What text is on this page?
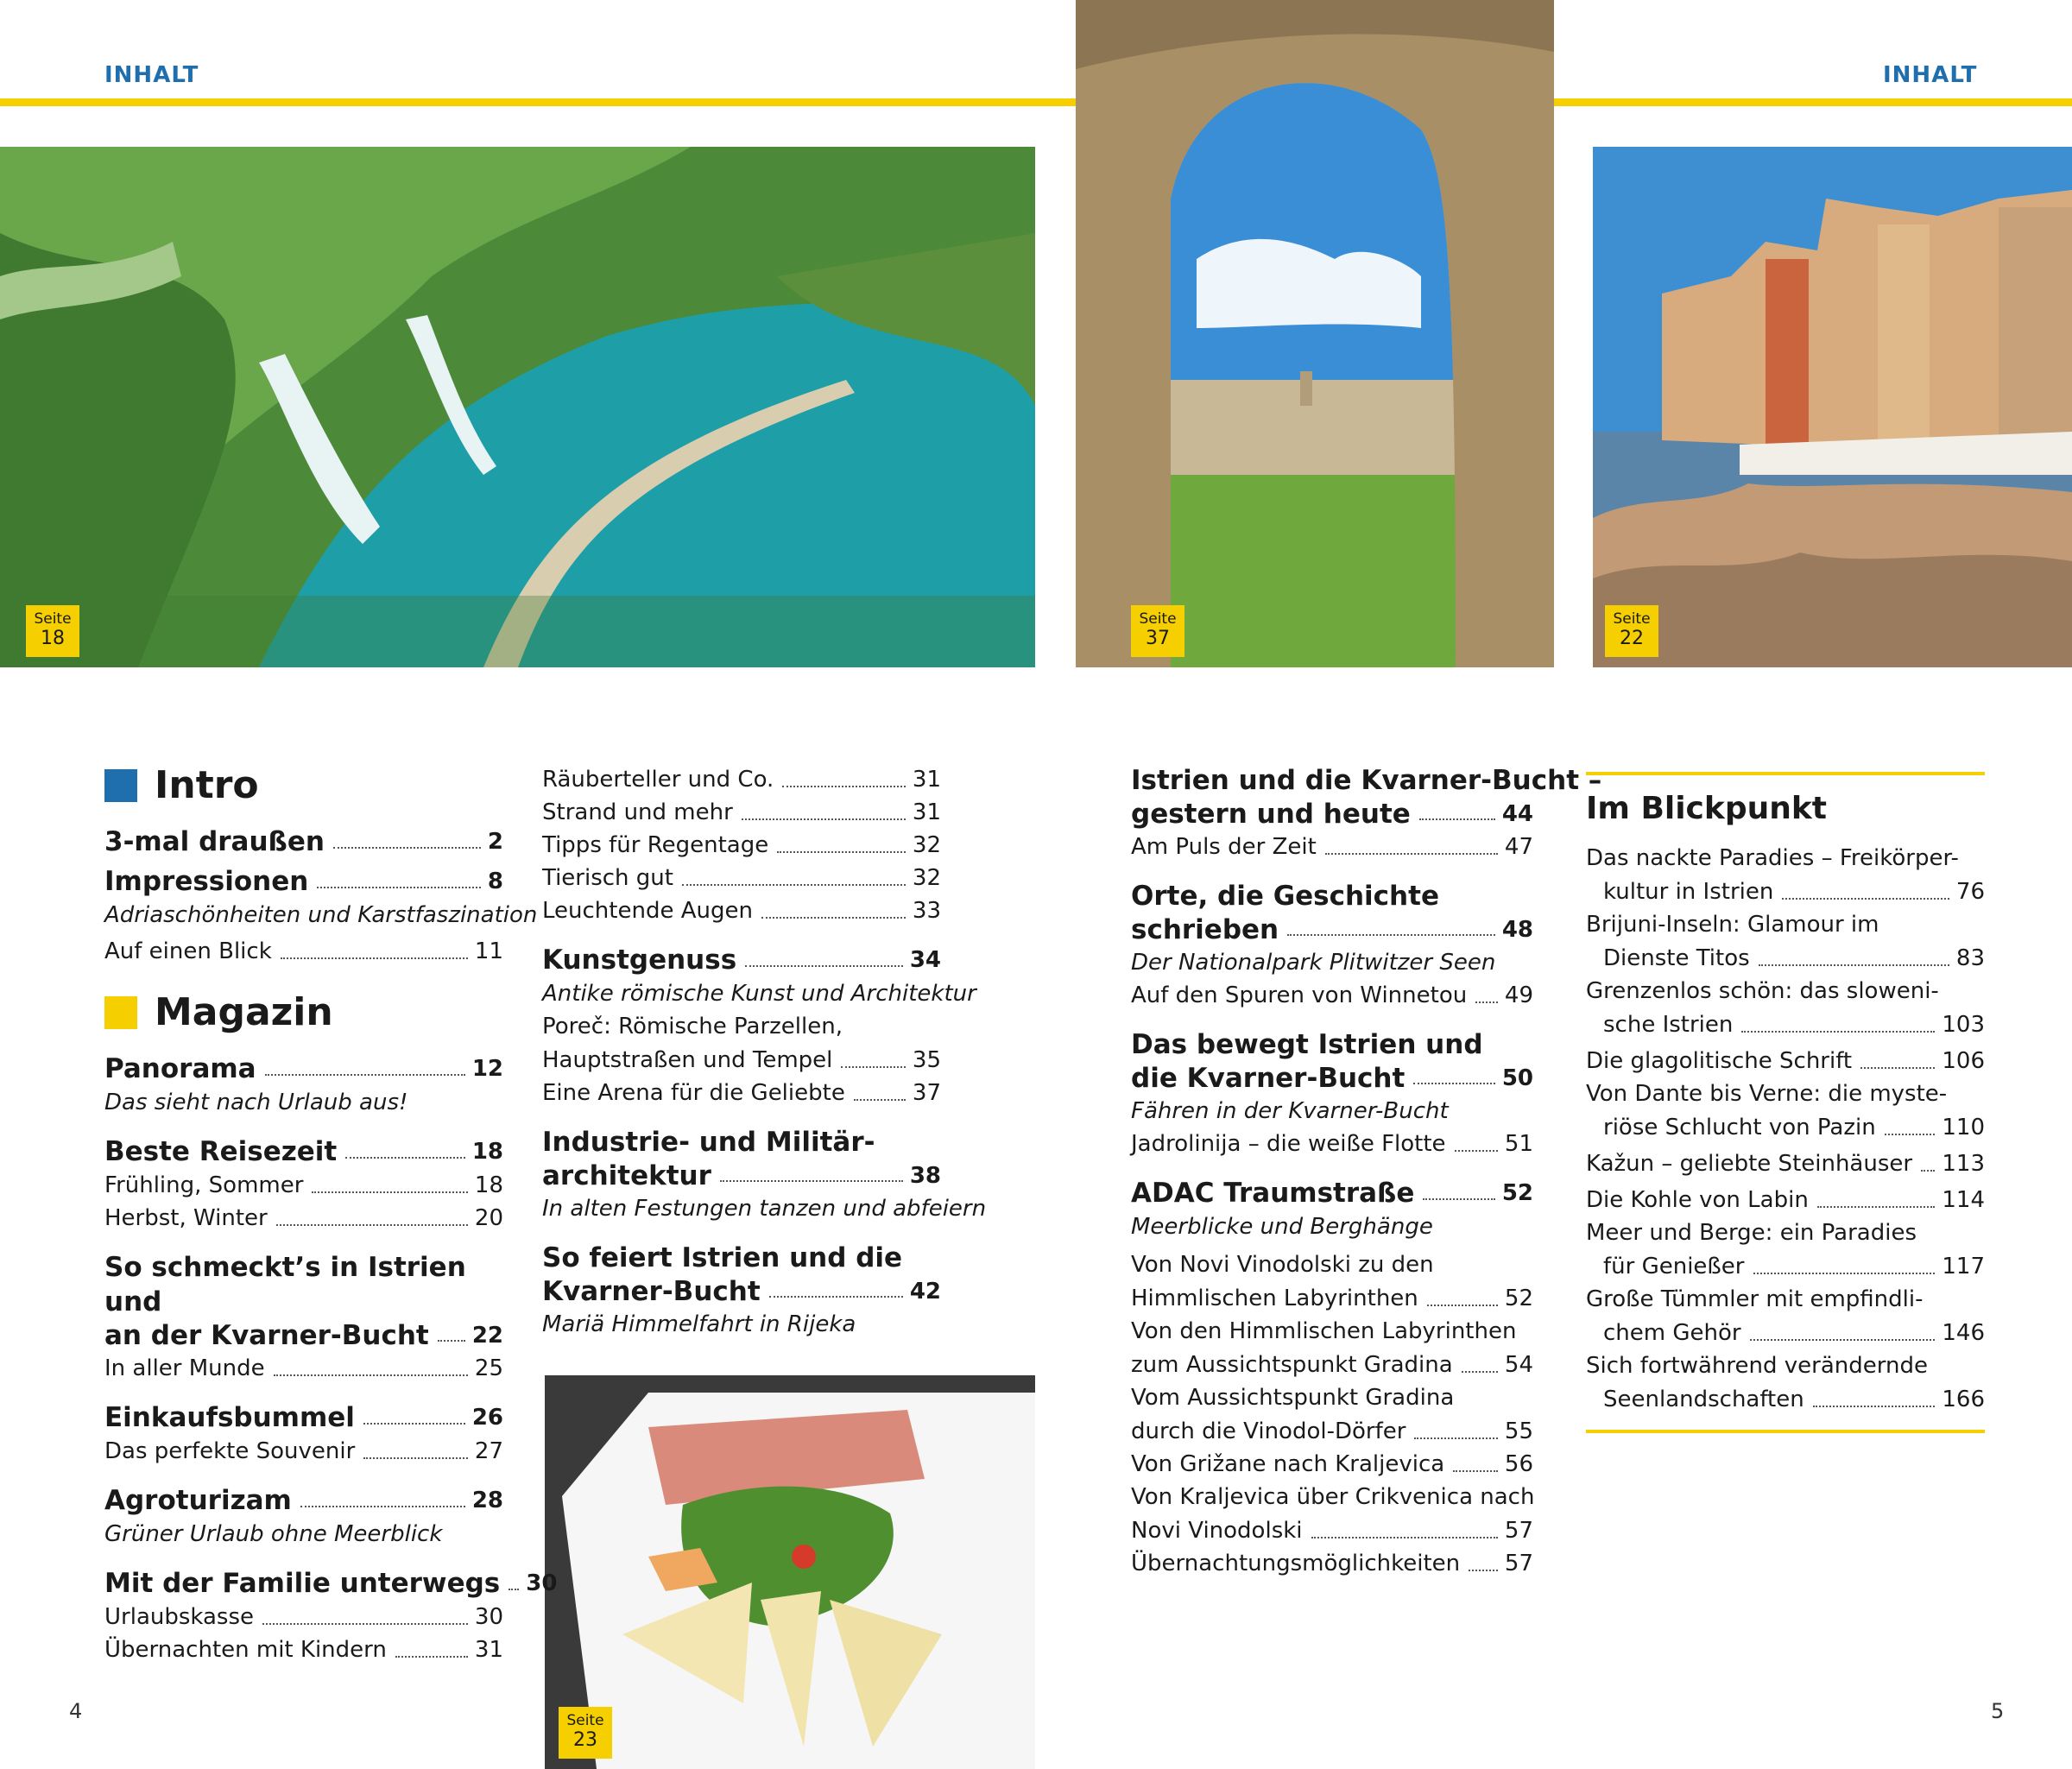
INHALT	INHALT
Seite
18
Seite
37
Seite
22
Seite
23
Intro
3-mal draußen	2
Impressionen	8
Adriaschönheiten und Karstfaszination
Auf einen Blick	11
Magazin
Panorama	12
Das sieht nach Urlaub aus!
Beste Reisezeit	18
Frühling, Sommer	18
Herbst, Winter	20
So schmeckt’s in Istrien und
an der Kvarner-Bucht 22
In aller Munde	25
Einkaufsbummel	26
Das perfekte Souvenir	27
Agroturizam	28
Grüner Urlaub ohne Meerblick
Mit der Familie unterwegs 30
Urlaubskasse	30
Übernachten mit Kindern	31
Räuberteller und Co.	31
Strand und mehr	31
Tipps für Regentage	32
Tierisch gut	32
Leuchtende Augen	33
Kunstgenuss	34
Antike römische Kunst und Architektur
Poreč: Römische Parzellen,
Hauptstraßen und Tempel	35
Eine Arena für die Geliebte	37
Industrie- und Militär-
architektur	38
In alten Festungen tanzen und abfeiern
So feiert Istrien und die
Kvarner-Bucht	42
Mariä Himmelfahrt in Rijeka
Istrien und die Kvarner-Bucht –
gestern und heute	44
Am Puls der Zeit	47
Orte, die Geschichte
schrieben	48
Der Nationalpark Plitwitzer Seen
Auf den Spuren von Winnetou 49
Das bewegt Istrien und
die Kvarner-Bucht	50
Fähren in der Kvarner-Bucht
Jadrolinija – die weiße Flotte	51
ADAC Traumstraße	52
Meerblicke und Berghänge
Von Novi Vinodolski zu den
Himmlischen Labyrinthen	52
Von den Himmlischen Labyrinthen
zum Aussichtspunkt Gradina 54
Vom Aussichtspunkt Gradina
durch die Vinodol-Dörfer	55
Von Grižane nach Kraljevica	56
Von Kraljevica über Crikvenica nach
Novi Vinodolski	57
Übernachtungsmöglichkeiten 57
Im Blickpunkt
Das nackte Paradies – Freikörper-
kultur in Istrien	76
Brijuni-Inseln: Glamour im
Dienste Titos	83
Grenzenlos schön: das sloweni-
sche Istrien	103
Die glagolitische Schrift	106
Von Dante bis Verne: die myste-
riöse Schlucht von Pazin	110
Kažun – geliebte Steinhäuser 113
Die Kohle von Labin	114
Meer und Berge: ein Paradies
für Genießer	117
Große Tümmler mit empfindli-
chem Gehör	146
Sich fortwährend verändernde
Seenlandschaften	166
4	5
